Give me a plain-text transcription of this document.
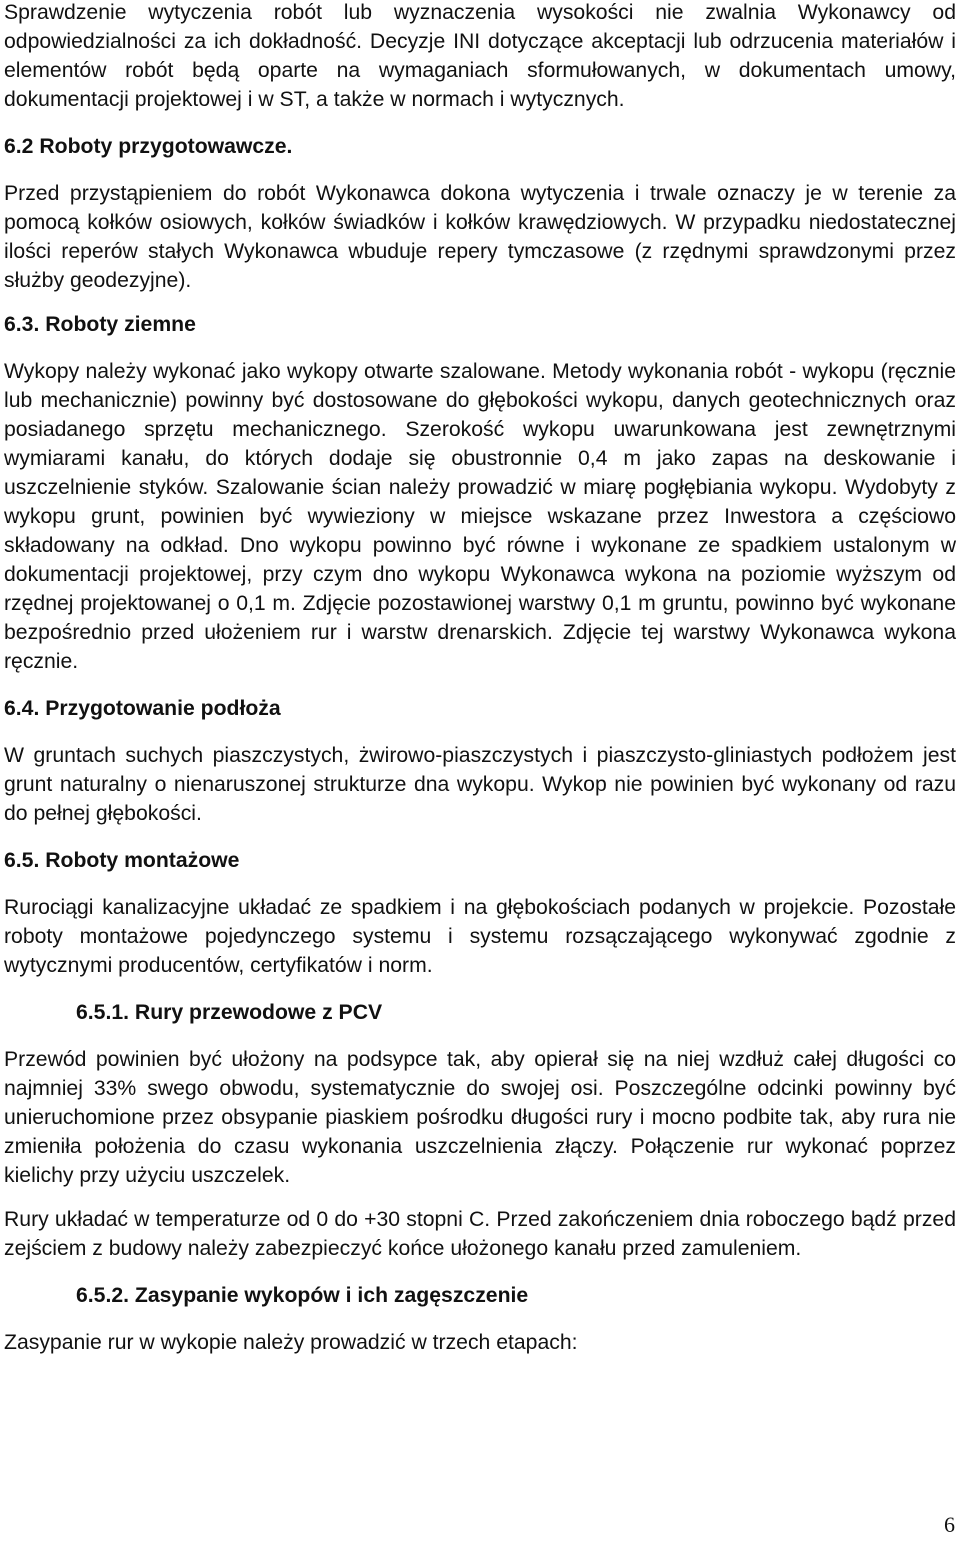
Sprawdzenie wytyczenia robót lub wyznaczenia wysokości nie zwalnia Wykonawcy od odpowiedzialności za ich dokładność. Decyzje INI dotyczące akceptacji lub odrzucenia materiałów i elementów robót będą oparte na wymaganiach sformułowanych, w dokumentach umowy, dokumentacji projektowej i w ST, a także w normach i wytycznych.

6.2 Roboty przygotowawcze.

Przed przystąpieniem do robót Wykonawca dokona wytyczenia i trwale oznaczy je w terenie za pomocą kołków osiowych, kołków świadków i kołków krawędziowych. W przypadku niedostatecznej ilości reperów stałych Wykonawca wbuduje repery tymczasowe (z rzędnymi sprawdzonymi przez służby geodezyjne).

6.3. Roboty ziemne

Wykopy należy wykonać jako wykopy otwarte szalowane. Metody wykonania robót - wykopu (ręcznie lub mechanicznie) powinny być dostosowane do głębokości wykopu, danych geotechnicznych oraz posiadanego sprzętu mechanicznego. Szerokość wykopu uwarunkowana jest zewnętrznymi wymiarami kanału, do których dodaje się obustronnie 0,4 m jako zapas na deskowanie i uszczelnienie styków. Szalowanie ścian należy prowadzić w miarę pogłębiania wykopu. Wydobyty z wykopu grunt, powinien być wywieziony w miejsce wskazane przez Inwestora a częściowo składowany na odkład. Dno wykopu powinno być równe i wykonane ze spadkiem ustalonym w dokumentacji projektowej, przy czym dno wykopu Wykonawca wykona na poziomie wyższym od rzędnej projektowanej o 0,1 m. Zdjęcie pozostawionej warstwy 0,1 m gruntu, powinno być wykonane bezpośrednio przed ułożeniem rur i warstw drenarskich. Zdjęcie tej warstwy Wykonawca wykona ręcznie.

6.4. Przygotowanie podłoża

W gruntach suchych piaszczystych, żwirowo-piaszczystych i piaszczysto-gliniastych podłożem jest grunt naturalny o nienaruszonej strukturze dna wykopu. Wykop nie powinien być wykonany od razu do pełnej głębokości.

6.5. Roboty montażowe

Rurociągi kanalizacyjne układać ze spadkiem i na głębokościach podanych w projekcie. Pozostałe roboty montażowe pojedynczego systemu i systemu rozsączającego wykonywać zgodnie z wytycznymi producentów, certyfikatów i norm.

6.5.1. Rury przewodowe z PCV

Przewód powinien być ułożony na podsypce tak, aby opierał się na niej wzdłuż całej długości co najmniej 33% swego obwodu, systematycznie do swojej osi. Poszczególne odcinki powinny być unieruchomione przez obsypanie piaskiem pośrodku długości rury i mocno podbite tak, aby rura nie zmieniła położenia do czasu wykonania uszczelnienia złączy. Połączenie rur wykonać poprzez kielichy przy użyciu uszczelek.

Rury układać w temperaturze od 0 do +30 stopni C. Przed zakończeniem dnia roboczego bądź przed zejściem z budowy należy zabezpieczyć końce ułożonego kanału przed zamuleniem.

6.5.2. Zasypanie wykopów i ich zagęszczenie

Zasypanie rur w wykopie należy prowadzić w trzech etapach:

6
